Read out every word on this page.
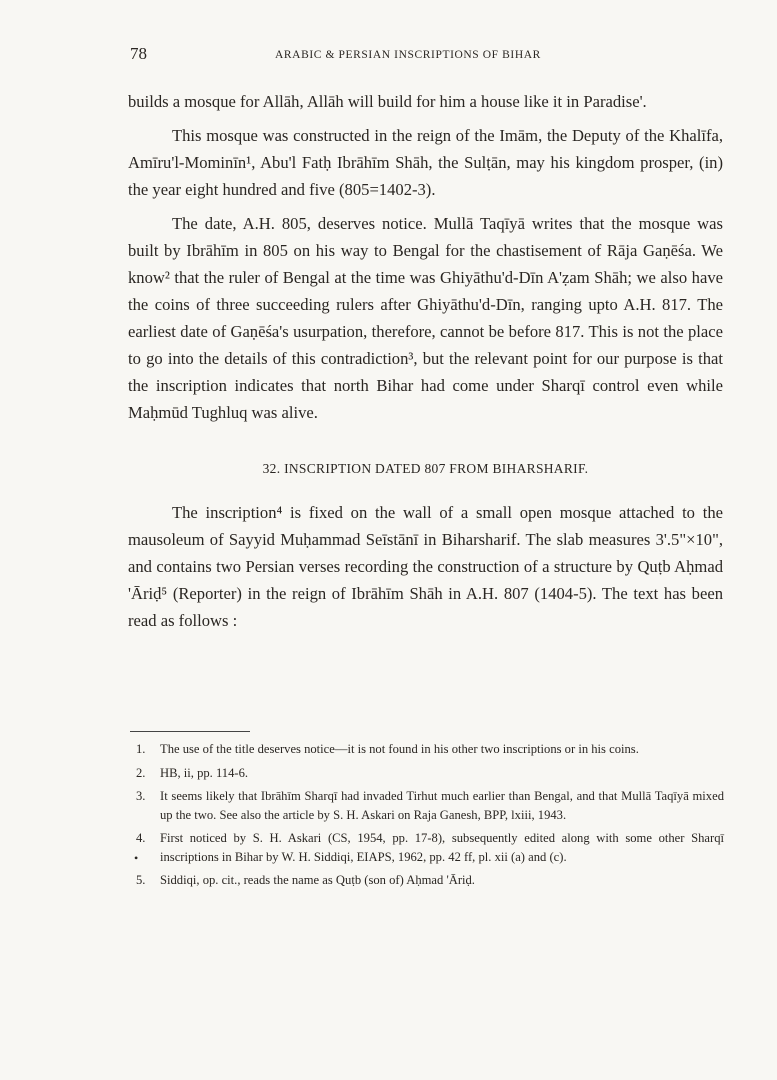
78	ARABIC & PERSIAN INSCRIPTIONS OF BIHAR

builds a mosque for Allāh, Allāh will build for him a house like it in Paradise'.

This mosque was constructed in the reign of the Imām, the Deputy of the Khalīfa, Amīru'l-Mominīn¹, Abu'l Fatḥ Ibrāhīm Shāh, the Sulṭān, may his kingdom prosper, (in) the year eight hundred and five (805=1402-3).

The date, A.H. 805, deserves notice. Mullā Taqīyā writes that the mosque was built by Ibrāhīm in 805 on his way to Bengal for the chastisement of Rāja Gaṇēśa. We know² that the ruler of Bengal at the time was Ghiyāthu'd-Dīn A'ẓam Shāh; we also have the coins of three succeeding rulers after Ghiyāthu'd-Dīn, ranging upto A.H. 817. The earliest date of Gaṇēśa's usurpation, therefore, cannot be before 817. This is not the place to go into the details of this contradiction³, but the relevant point for our purpose is that the inscription indicates that north Bihar had come under Sharqī control even while Maḥmūd Tughluq was alive.

32. INSCRIPTION DATED 807 FROM BIHARSHARIF.

The inscription⁴ is fixed on the wall of a small open mosque attached to the mausoleum of Sayyid Muḥammad Seīstānī in Biharsharif. The slab measures 3'.5"×10", and contains two Persian verses recording the construction of a structure by Quṭb Aḥmad 'Āriḍ⁵ (Reporter) in the reign of Ibrāhīm Shāh in A.H. 807 (1404-5). The text has been read as follows :

1. The use of the title deserves notice—it is not found in his other two inscriptions or in his coins.
2. HB, ii, pp. 114-6.
3. It seems likely that Ibrāhīm Sharqī had invaded Tirhut much earlier than Bengal, and that Mullā Taqīyā mixed up the two. See also the article by S. H. Askari on Raja Ganesh, BPP, lxiii, 1943.
4. First noticed by S. H. Askari (CS, 1954, pp. 17-8), subsequently edited along with some other Sharqī inscriptions in Bihar by W. H. Siddiqi, EIAPS, 1962, pp. 42 ff, pl. xii (a) and (c).
5. Siddiqi, op. cit., reads the name as Quṭb (son of) Aḥmad 'Āriḍ.
•
